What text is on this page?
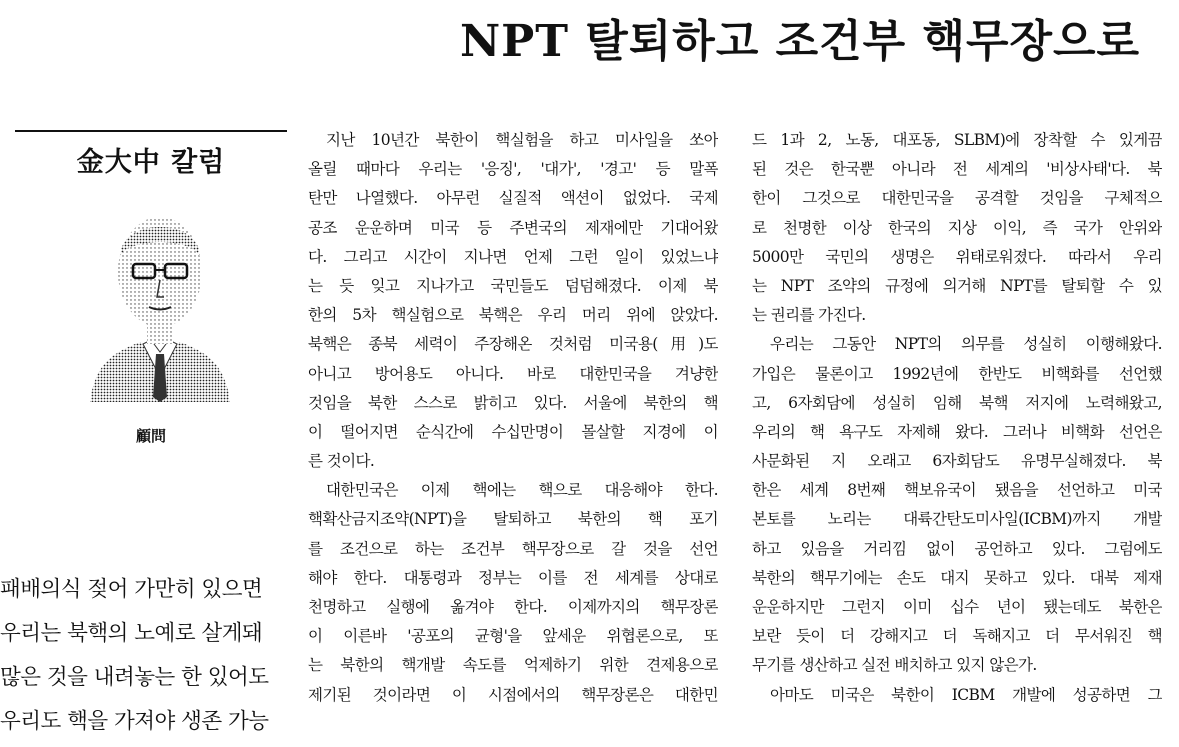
NPT 탈퇴하고 조건부 핵무장으로
金大中 칼럼
顧問
패배의식 젖어 가만히 있으면
우리는 북핵의 노예로 살게돼
많은 것을 내려놓는 한 있어도
우리도 핵을 가져야 생존 가능
지난 10년간 북한이 핵실험을 하고 미사일을 쏘아
올릴 때마다 우리는 '응징', '대가', '경고' 등 말폭
탄만 나열했다. 아무런 실질적 액션이 없었다. 국제
공조 운운하며 미국 등 주변국의 제재에만 기대어왔
다. 그리고 시간이 지나면 언제 그런 일이 있었느냐
는 듯 잊고 지나가고 국민들도 덤덤해졌다. 이제 북
한의 5차 핵실험으로 북핵은 우리 머리 위에 앉았다.
북핵은 종북 세력이 주장해온 것처럼 미국용(用)도
아니고 방어용도 아니다. 바로 대한민국을 겨냥한
것임을 북한 스스로 밝히고 있다. 서울에 북한의 핵
이 떨어지면 순식간에 수십만명이 몰살할 지경에 이
른 것이다.
대한민국은 이제 핵에는 핵으로 대응해야 한다.
핵확산금지조약(NPT)을 탈퇴하고 북한의 핵 포기
를 조건으로 하는 조건부 핵무장으로 갈 것을 선언
해야 한다. 대통령과 정부는 이를 전 세계를 상대로
천명하고 실행에 옮겨야 한다. 이제까지의 핵무장론
이 이른바 '공포의 균형'을 앞세운 위협론으로, 또
는 북한의 핵개발 속도를 억제하기 위한 견제용으로
제기된 것이라면 이 시점에서의 핵무장론은 대한민
드 1과 2, 노동, 대포동, SLBM)에 장착할 수 있게끔
된 것은 한국뿐 아니라 전 세계의 '비상사태'다. 북
한이 그것으로 대한민국을 공격할 것임을 구체적으
로 천명한 이상 한국의 지상 이익, 즉 국가 안위와
5000만 국민의 생명은 위태로워졌다. 따라서 우리
는 NPT 조약의 규정에 의거해 NPT를 탈퇴할 수 있
는 권리를 가진다.
우리는 그동안 NPT의 의무를 성실히 이행해왔다.
가입은 물론이고 1992년에 한반도 비핵화를 선언했
고, 6자회담에 성실히 임해 북핵 저지에 노력해왔고,
우리의 핵 욕구도 자제해 왔다. 그러나 비핵화 선언은
사문화된 지 오래고 6자회담도 유명무실해졌다. 북
한은 세계 8번째 핵보유국이 됐음을 선언하고 미국
본토를 노리는 대륙간탄도미사일(ICBM)까지 개발
하고 있음을 거리낌 없이 공언하고 있다. 그럼에도
북한의 핵무기에는 손도 대지 못하고 있다. 대북 제재
운운하지만 그런지 이미 십수 년이 됐는데도 북한은
보란 듯이 더 강해지고 더 독해지고 더 무서워진 핵
무기를 생산하고 실전 배치하고 있지 않은가.
아마도 미국은 북한이 ICBM 개발에 성공하면 그
